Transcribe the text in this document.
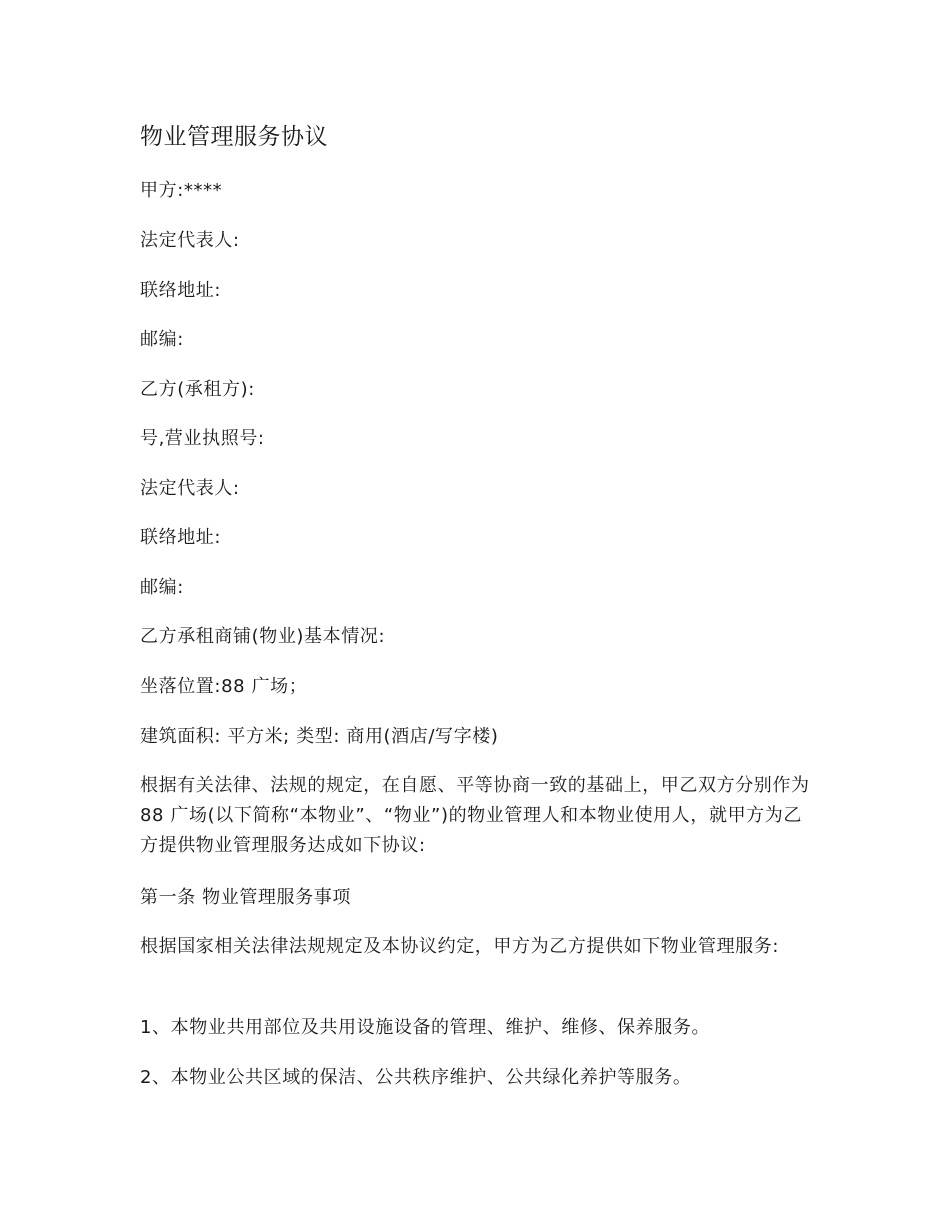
物业管理服务协议

甲方:****

法定代表人:

联络地址:

邮编:

乙方(承租方):

号,营业执照号:

法定代表人:

联络地址:

邮编:

乙方承租商铺(物业)基本情况:

坐落位置:88 广场；

建筑面积: 平方米; 类型: 商用(酒店/写字楼)

根据有关法律、法规的规定，在自愿、平等协商一致的基础上，甲乙双方分别作为 88 广场(以下简称“本物业”、“物业”)的物业管理人和本物业使用人，就甲方为乙方提供物业管理服务达成如下协议:

第一条 物业管理服务事项

根据国家相关法律法规规定及本协议约定，甲方为乙方提供如下物业管理服务:

1、本物业共用部位及共用设施设备的管理、维护、维修、保养服务。

2、本物业公共区域的保洁、公共秩序维护、公共绿化养护等服务。
